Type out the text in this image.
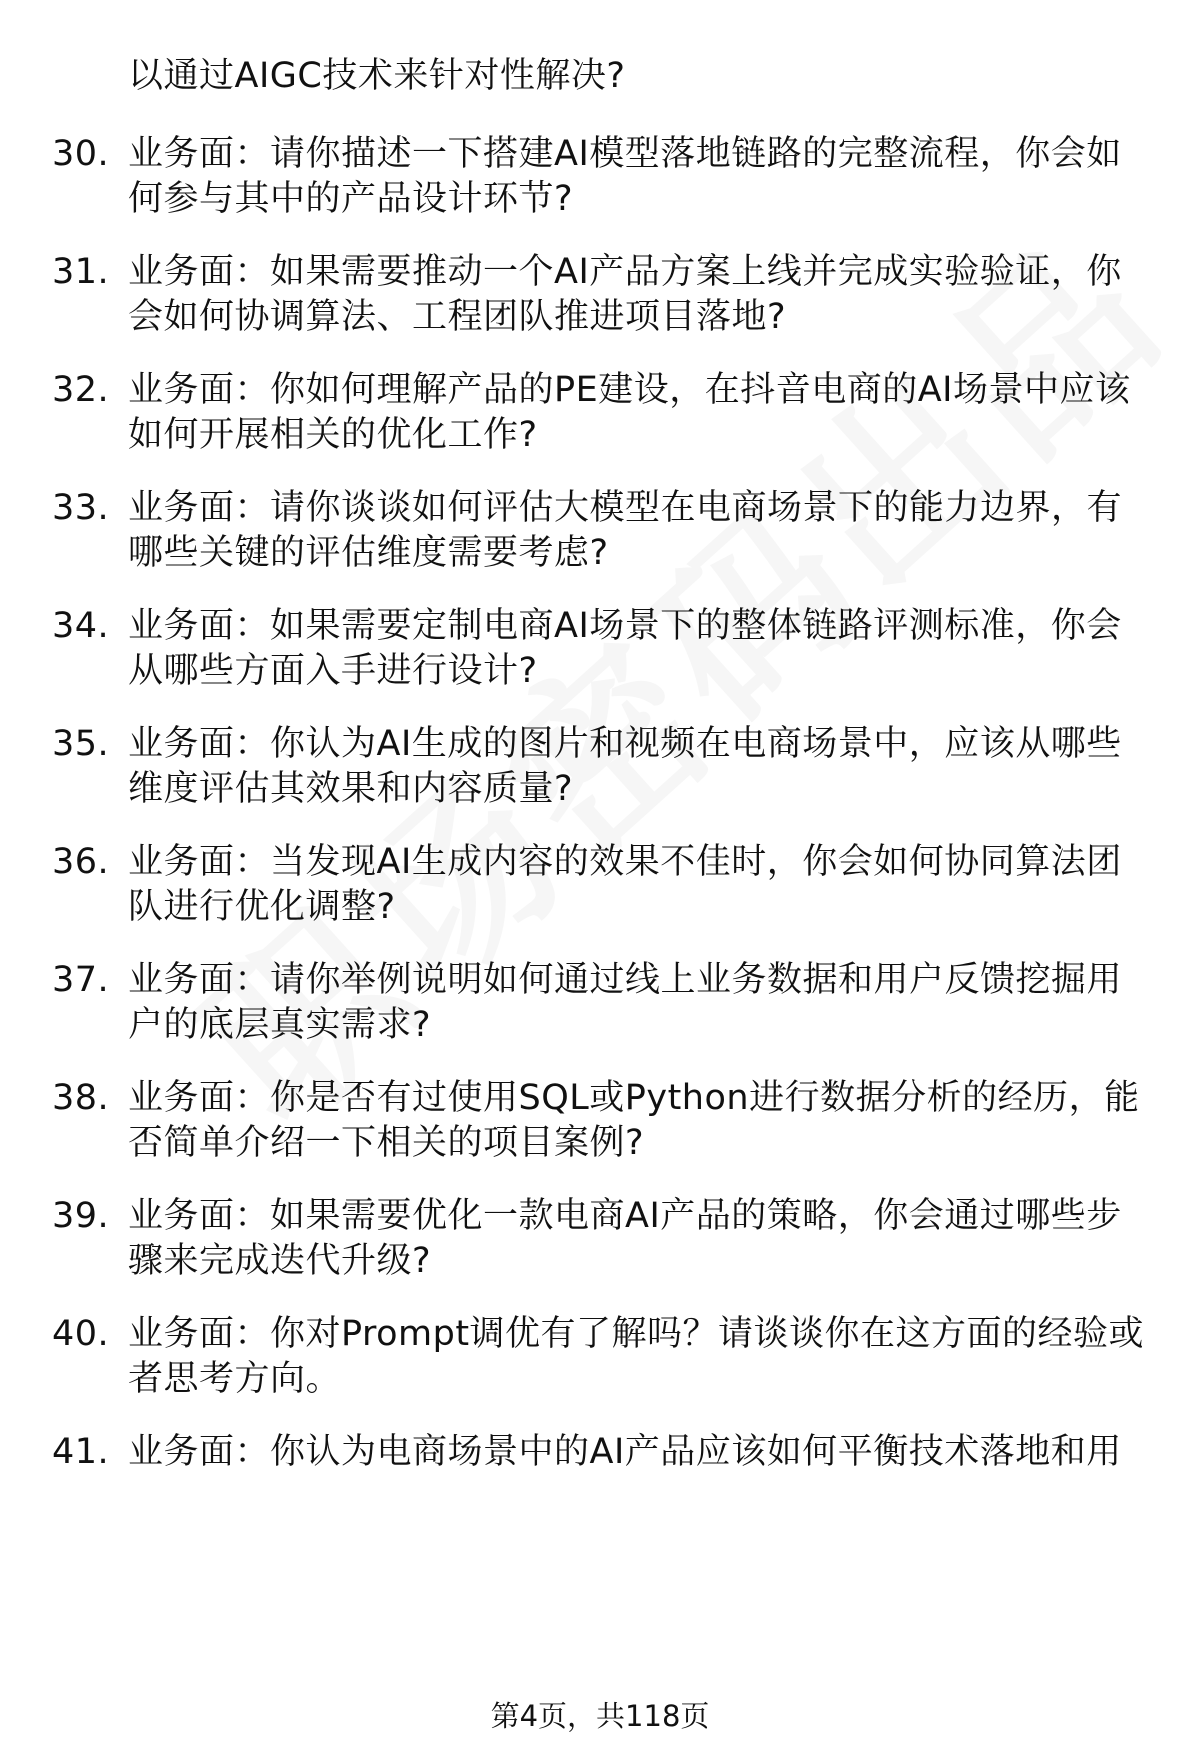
以通过AIGC技术来针对性解决?
30. 业务面：请你描述一下搭建AI模型落地链路的完整流程，你会如
何参与其中的产品设计环节?
31. 业务面：如果需要推动一个AI产品方案上线并完成实验验证，你
会如何协调算法、工程团队推进项目落地?
32. 业务面：你如何理解产品的PE建设，在抖音电商的AI场景中应该
如何开展相关的优化工作?
33. 业务面：请你谈谈如何评估大模型在电商场景下的能力边界，有
哪些关键的评估维度需要考虑?
34. 业务面：如果需要定制电商AI场景下的整体链路评测标准，你会
从哪些方面入手进行设计?
35. 业务面：你认为AI生成的图片和视频在电商场景中，应该从哪些
维度评估其效果和内容质量?
36. 业务面：当发现AI生成内容的效果不佳时，你会如何协同算法团
队进行优化调整?
37. 业务面：请你举例说明如何通过线上业务数据和用户反馈挖掘用
户的底层真实需求?
38. 业务面：你是否有过使用SQL或Python进行数据分析的经历，能
否简单介绍一下相关的项目案例?
39. 业务面：如果需要优化一款电商AI产品的策略，你会通过哪些步
骤来完成迭代升级?
40. 业务面：你对Prompt调优有了解吗？请谈谈你在这方面的经验或
者思考方向。
41. 业务面：你认为电商场景中的AI产品应该如何平衡技术落地和用
第4页，共118页
